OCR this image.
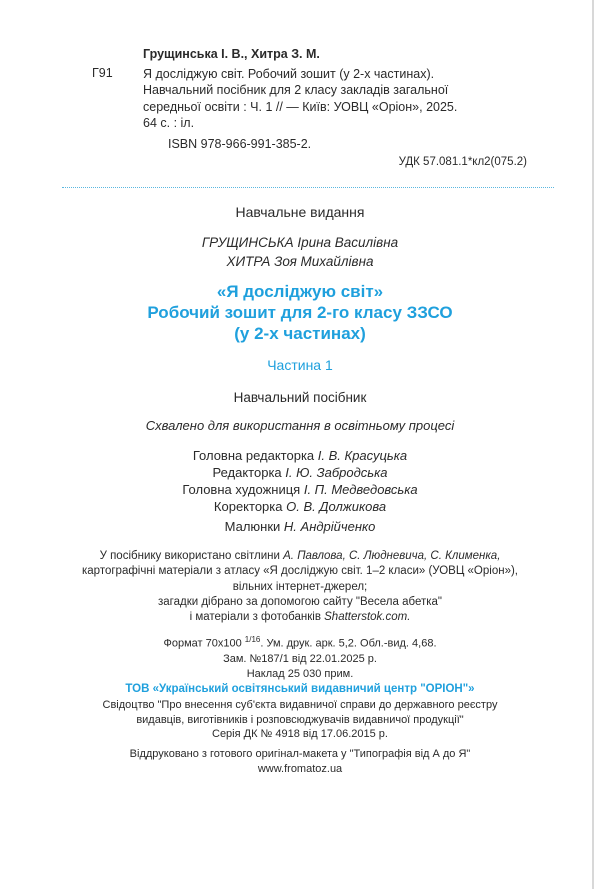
Грущинська І. В., Хитра З. М.
Г91 Я досліджую світ. Робочий зошит (у 2-х частинах).

Навчальний посібник для 2 класу закладів загальної

середньої освіти : Ч. 1 // — Київ: УОВЦ «Оріон», 2025.

64 с. : іл.

ISBN 978-966-991-385-2.
УДК 57.081.1*кл2(075.2)
Навчальне видання
ГРУЩИНСЬКА Ірина Василівна
ХИТРА Зоя Михайлівна
«Я досліджую світ»
Робочий зошит для 2-го класу ЗЗСО
(у 2-х частинах)
Частина 1
Навчальний посібник
Схвалено для використання в освітньому процесі
Головна редакторка І. В. Красуцька
Редакторка І. Ю. Забродська
Головна художниця І. П. Медведовська
Коректорка О. В. Должикова
Малюнки Н. Андрійченко
У посібнику використано світлини А. Павлова, С. Людневича, С. Клименка,
картографічні матеріали з атласу «Я досліджую світ. 1–2 класи» (УОВЦ «Оріон»),
вільних інтернет-джерел;
загадки дібрано за допомогою сайту "Весела абетка"
і матеріали з фотобанків Shatterstok.com.
Формат 70x100 $^{1/16}$. Ум. друк. арк. 5,2. Обл.-вид. 4,68.
Зам. №187/1 від 22.01.2025 р.
Наклад 25 030 прим.
ТОВ «Український освітянський видавничий центр "ОРІОН"»
Свідоцтво "Про внесення суб'єкта видавничої справи до державного реєстру
видавців, виготівників і розповсюджувачів видавничої продукції"
Серія ДК № 4918 від 17.06.2015 р.
Віддруковано з готового оригінал-макета у "Типографія від А до Я"
www.fromatoz.ua
